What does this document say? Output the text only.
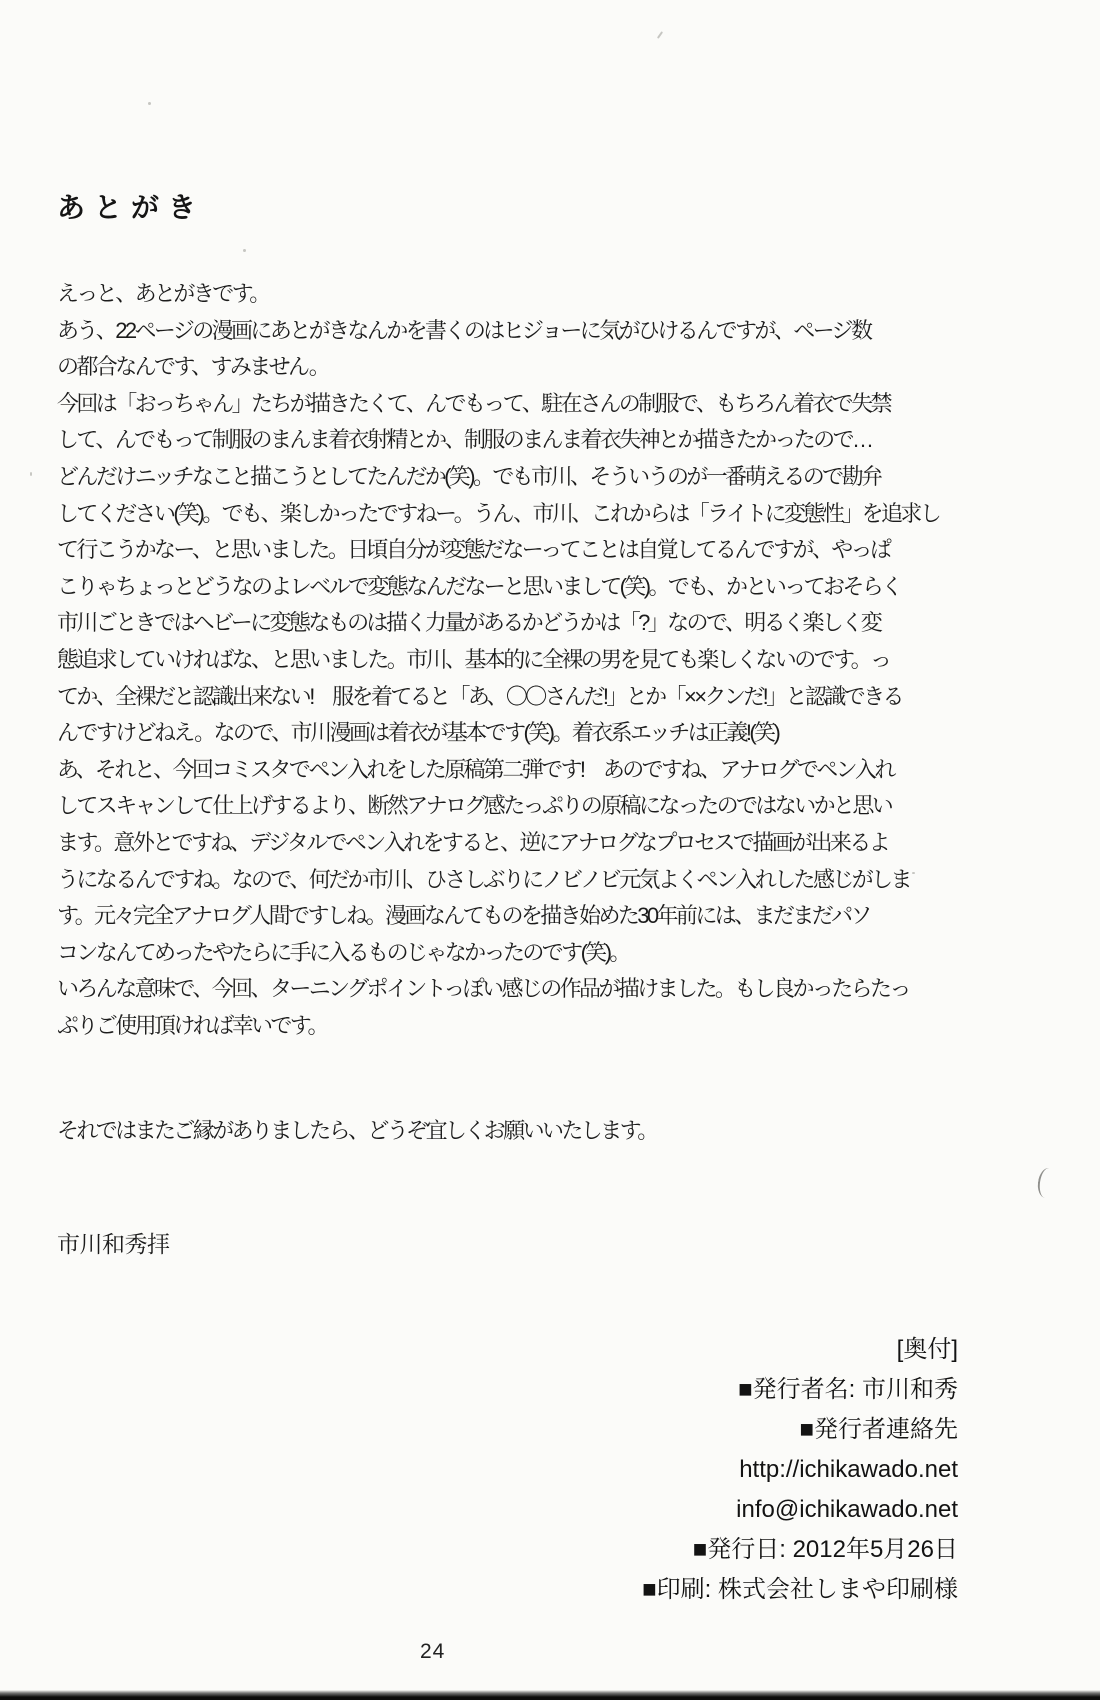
あとがき
えっと、あとがきです。
あう、22ページの漫画にあとがきなんかを書くのはヒジョーに気がひけるんですが、ページ数
の都合なんです、すみません。
今回は「おっちゃん」たちが描きたくて、んでもって、駐在さんの制服で、もちろん着衣で失禁
して、んでもって制服のまんま着衣射精とか、制服のまんま着衣失神とか描きたかったので…
どんだけニッチなこと描こうとしてたんだか(笑)。でも市川、そういうのが一番萌えるので勘弁
してください(笑)。でも、楽しかったですねー。うん、市川、これからは「ライトに変態性」を追求し
て行こうかなー、と思いました。日頃自分が変態だなーってことは自覚してるんですが、やっぱ
こりゃちょっとどうなのよレベルで変態なんだなーと思いまして(笑)。でも、かといっておそらく
市川ごときではヘビーに変態なものは描く力量があるかどうかは「?」なので、明るく楽しく変
態追求していければな、と思いました。市川、基本的に全裸の男を見ても楽しくないのです。っ
てか、全裸だと認識出来ない!　服を着てると「あ、〇〇さんだ!」とか「××クンだ!」と認識できる
んですけどねえ。なので、市川漫画は着衣が基本です(笑)。着衣系エッチは正義!(笑)
あ、それと、今回コミスタでペン入れをした原稿第二弾です!　あのですね、アナログでペン入れ
してスキャンして仕上げするより、断然アナログ感たっぷりの原稿になったのではないかと思い
ます。意外とですね、デジタルでペン入れをすると、逆にアナログなプロセスで描画が出来るよ
うになるんですね。なので、何だか市川、ひさしぶりにノビノビ元気よくペン入れした感じがしま
す。元々完全アナログ人間ですしね。漫画なんてものを描き始めた30年前には、まだまだパソ
コンなんてめったやたらに手に入るものじゃなかったのです(笑)。
いろんな意味で、今回、ターニングポイントっぽい感じの作品が描けました。もし良かったらたっ
ぷりご使用頂ければ幸いです。
それではまたご縁がありましたら、どうぞ宜しくお願いいたします。
市川和秀拝
[奥付]
■発行者名: 市川和秀
■発行者連絡先
http://ichikawado.net
info@ichikawado.net
■発行日: 2012年5月26日
■印刷: 株式会社しまや印刷様
24
